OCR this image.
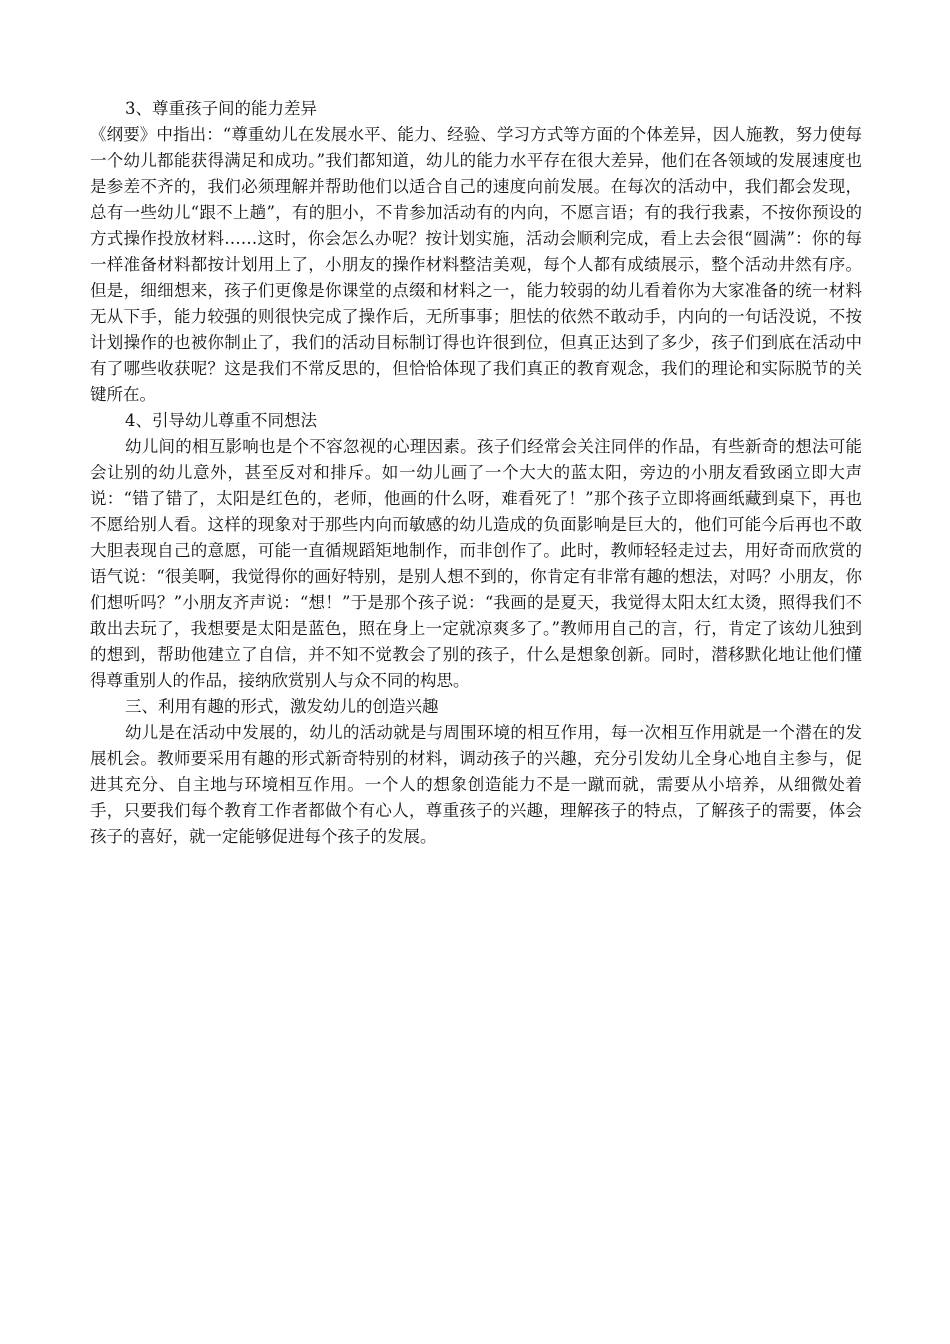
3、尊重孩子间的能力差异

《纲要》中指出：“尊重幼儿在发展水平、能力、经验、学习方式等方面的个体差异，因人施教，努力使每一个幼儿都能获得满足和成功。”我们都知道，幼儿的能力水平存在很大差异，他们在各领域的发展速度也是参差不齐的，我们必须理解并帮助他们以适合自己的速度向前发展。在每次的活动中，我们都会发现，总有一些幼儿“跟不上趟”，有的胆小，不肯参加活动有的内向，不愿言语；有的我行我素，不按你预设的方式操作投放材料……这时，你会怎么办呢？按计划实施，活动会顺利完成，看上去会很“圆满”：你的每一样准备材料都按计划用上了，小朋友的操作材料整洁美观，每个人都有成绩展示，整个活动井然有序。但是，细细想来，孩子们更像是你课堂的点缀和材料之一，能力较弱的幼儿看着你为大家准备的统一材料无从下手，能力较强的则很快完成了操作后，无所事事；胆怯的依然不敢动手，内向的一句话没说，不按计划操作的也被你制止了，我们的活动目标制订得也许很到位，但真正达到了多少，孩子们到底在活动中有了哪些收获呢？这是我们不常反思的，但恰恰体现了我们真正的教育观念，我们的理论和实际脱节的关键所在。

4、引导幼儿尊重不同想法

幼儿间的相互影响也是个不容忽视的心理因素。孩子们经常会关注同伴的作品，有些新奇的想法可能会让别的幼儿意外，甚至反对和排斥。如一幼儿画了一个大大的蓝太阳，旁边的小朋友看致函立即大声说：“错了错了，太阳是红色的，老师，他画的什么呀，难看死了！”那个孩子立即将画纸藏到桌下，再也不愿给别人看。这样的现象对于那些内向而敏感的幼儿造成的负面影响是巨大的，他们可能今后再也不敢大胆表现自己的意愿，可能一直循规蹈矩地制作，而非创作了。此时，教师轻轻走过去，用好奇而欣赏的语气说：“很美啊，我觉得你的画好特别，是别人想不到的，你肯定有非常有趣的想法，对吗？小朋友，你们想听吗？”小朋友齐声说：“想！”于是那个孩子说：“我画的是夏天，我觉得太阳太红太烫，照得我们不敢出去玩了，我想要是太阳是蓝色，照在身上一定就凉爽多了。”教师用自己的言，行，肯定了该幼儿独到的想到，帮助他建立了自信，并不知不觉教会了别的孩子，什么是想象创新。同时，潜移默化地让他们懂得尊重别人的作品，接纳欣赏别人与众不同的构思。

三、利用有趣的形式，激发幼儿的创造兴趣

幼儿是在活动中发展的，幼儿的活动就是与周围环境的相互作用，每一次相互作用就是一个潜在的发展机会。教师要采用有趣的形式新奇特别的材料，调动孩子的兴趣，充分引发幼儿全身心地自主参与，促进其充分、自主地与环境相互作用。一个人的想象创造能力不是一蹴而就，需要从小培养，从细微处着手，只要我们每个教育工作者都做个有心人，尊重孩子的兴趣，理解孩子的特点，了解孩子的需要，体会孩子的喜好，就一定能够促进每个孩子的发展。
